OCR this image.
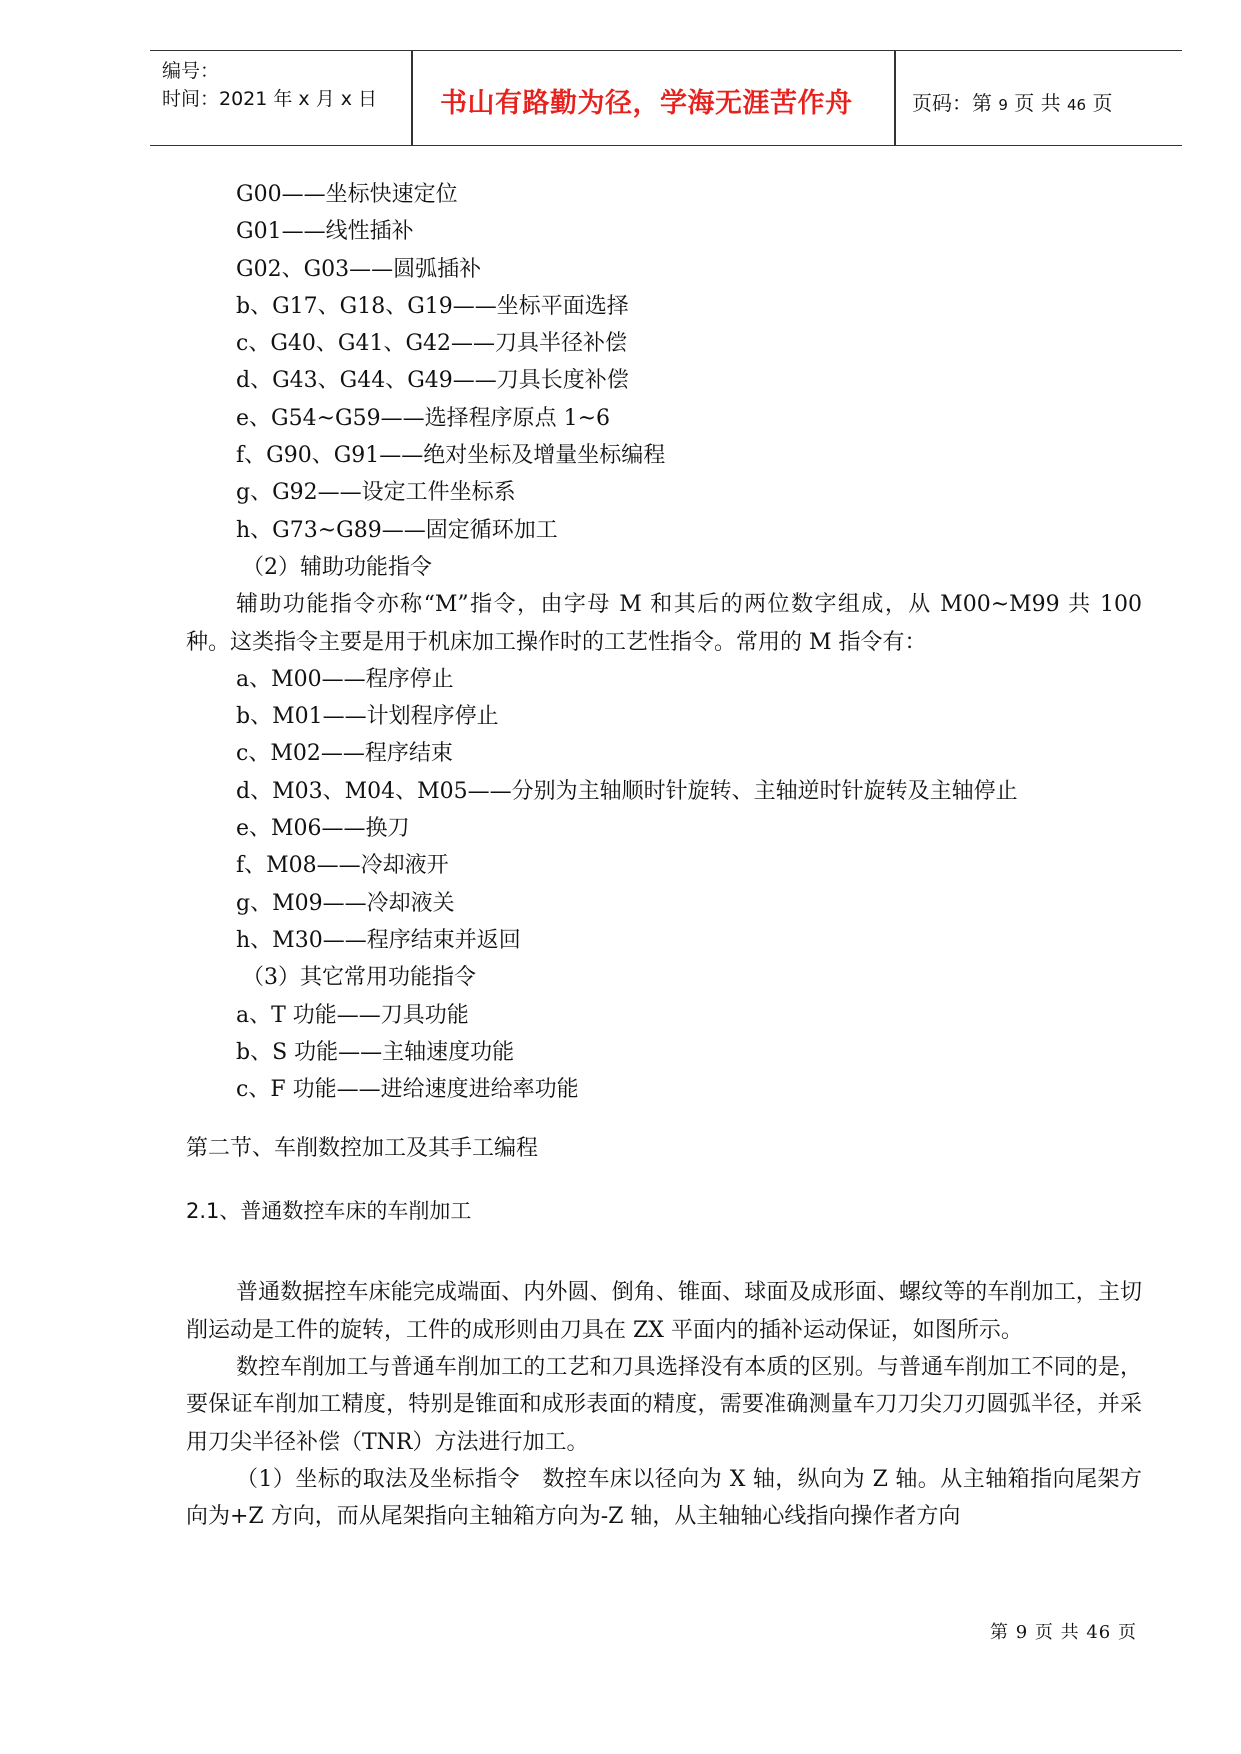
编号：
时间：2021 年 x 月 x 日 书山有路勤为径，学海无涯苦作舟	页码：第 9 页 共 46 页
G00——坐标快速定位
G01——线性插补
G02、G03——圆弧插补
b、G17、G18、G19——坐标平面选择
c、G40、G41、G42——刀具半径补偿
d、G43、G44、G49——刀具长度补偿
e、G54~G59——选择程序原点 1~6
f、G90、G91——绝对坐标及增量坐标编程
g、G92——设定工件坐标系
h、G73~G89——固定循环加工
（2）辅助功能指令
辅助功能指令亦称“M”指令，由字母 M 和其后的两位数字组成，从 M00~M99 共 100 种。这类指令主要是用于机床加工操作时的工艺性指令。常用的 M 指令有：
a、M00——程序停止
b、M01——计划程序停止
c、M02——程序结束
d、M03、M04、M05——分别为主轴顺时针旋转、主轴逆时针旋转及主轴停止
e、M06——换刀
f、M08——冷却液开
g、M09——冷却液关
h、M30——程序结束并返回
（3）其它常用功能指令
a、T 功能——刀具功能
b、S 功能——主轴速度功能
c、F 功能——进给速度进给率功能
第二节、车削数控加工及其手工编程
2.1、普通数控车床的车削加工
普通数据控车床能完成端面、内外圆、倒角、锥面、球面及成形面、螺纹等的车削加工，主切削运动是工件的旋转，工件的成形则由刀具在 ZX 平面内的插补运动保证，如图所示。
数控车削加工与普通车削加工的工艺和刀具选择没有本质的区别。与普通车削加工不同的是，要保证车削加工精度，特别是锥面和成形表面的精度，需要准确测量车刀刀尖刀刃圆弧半径，并采用刀尖半径补偿（TNR）方法进行加工。
（1）坐标的取法及坐标指令　数控车床以径向为 X 轴，纵向为 Z 轴。从主轴箱指向尾架方向为+Z 方向，而从尾架指向主轴箱方向为-Z 轴，从主轴轴心线指向操作者方向
第 9 页 共 46 页
